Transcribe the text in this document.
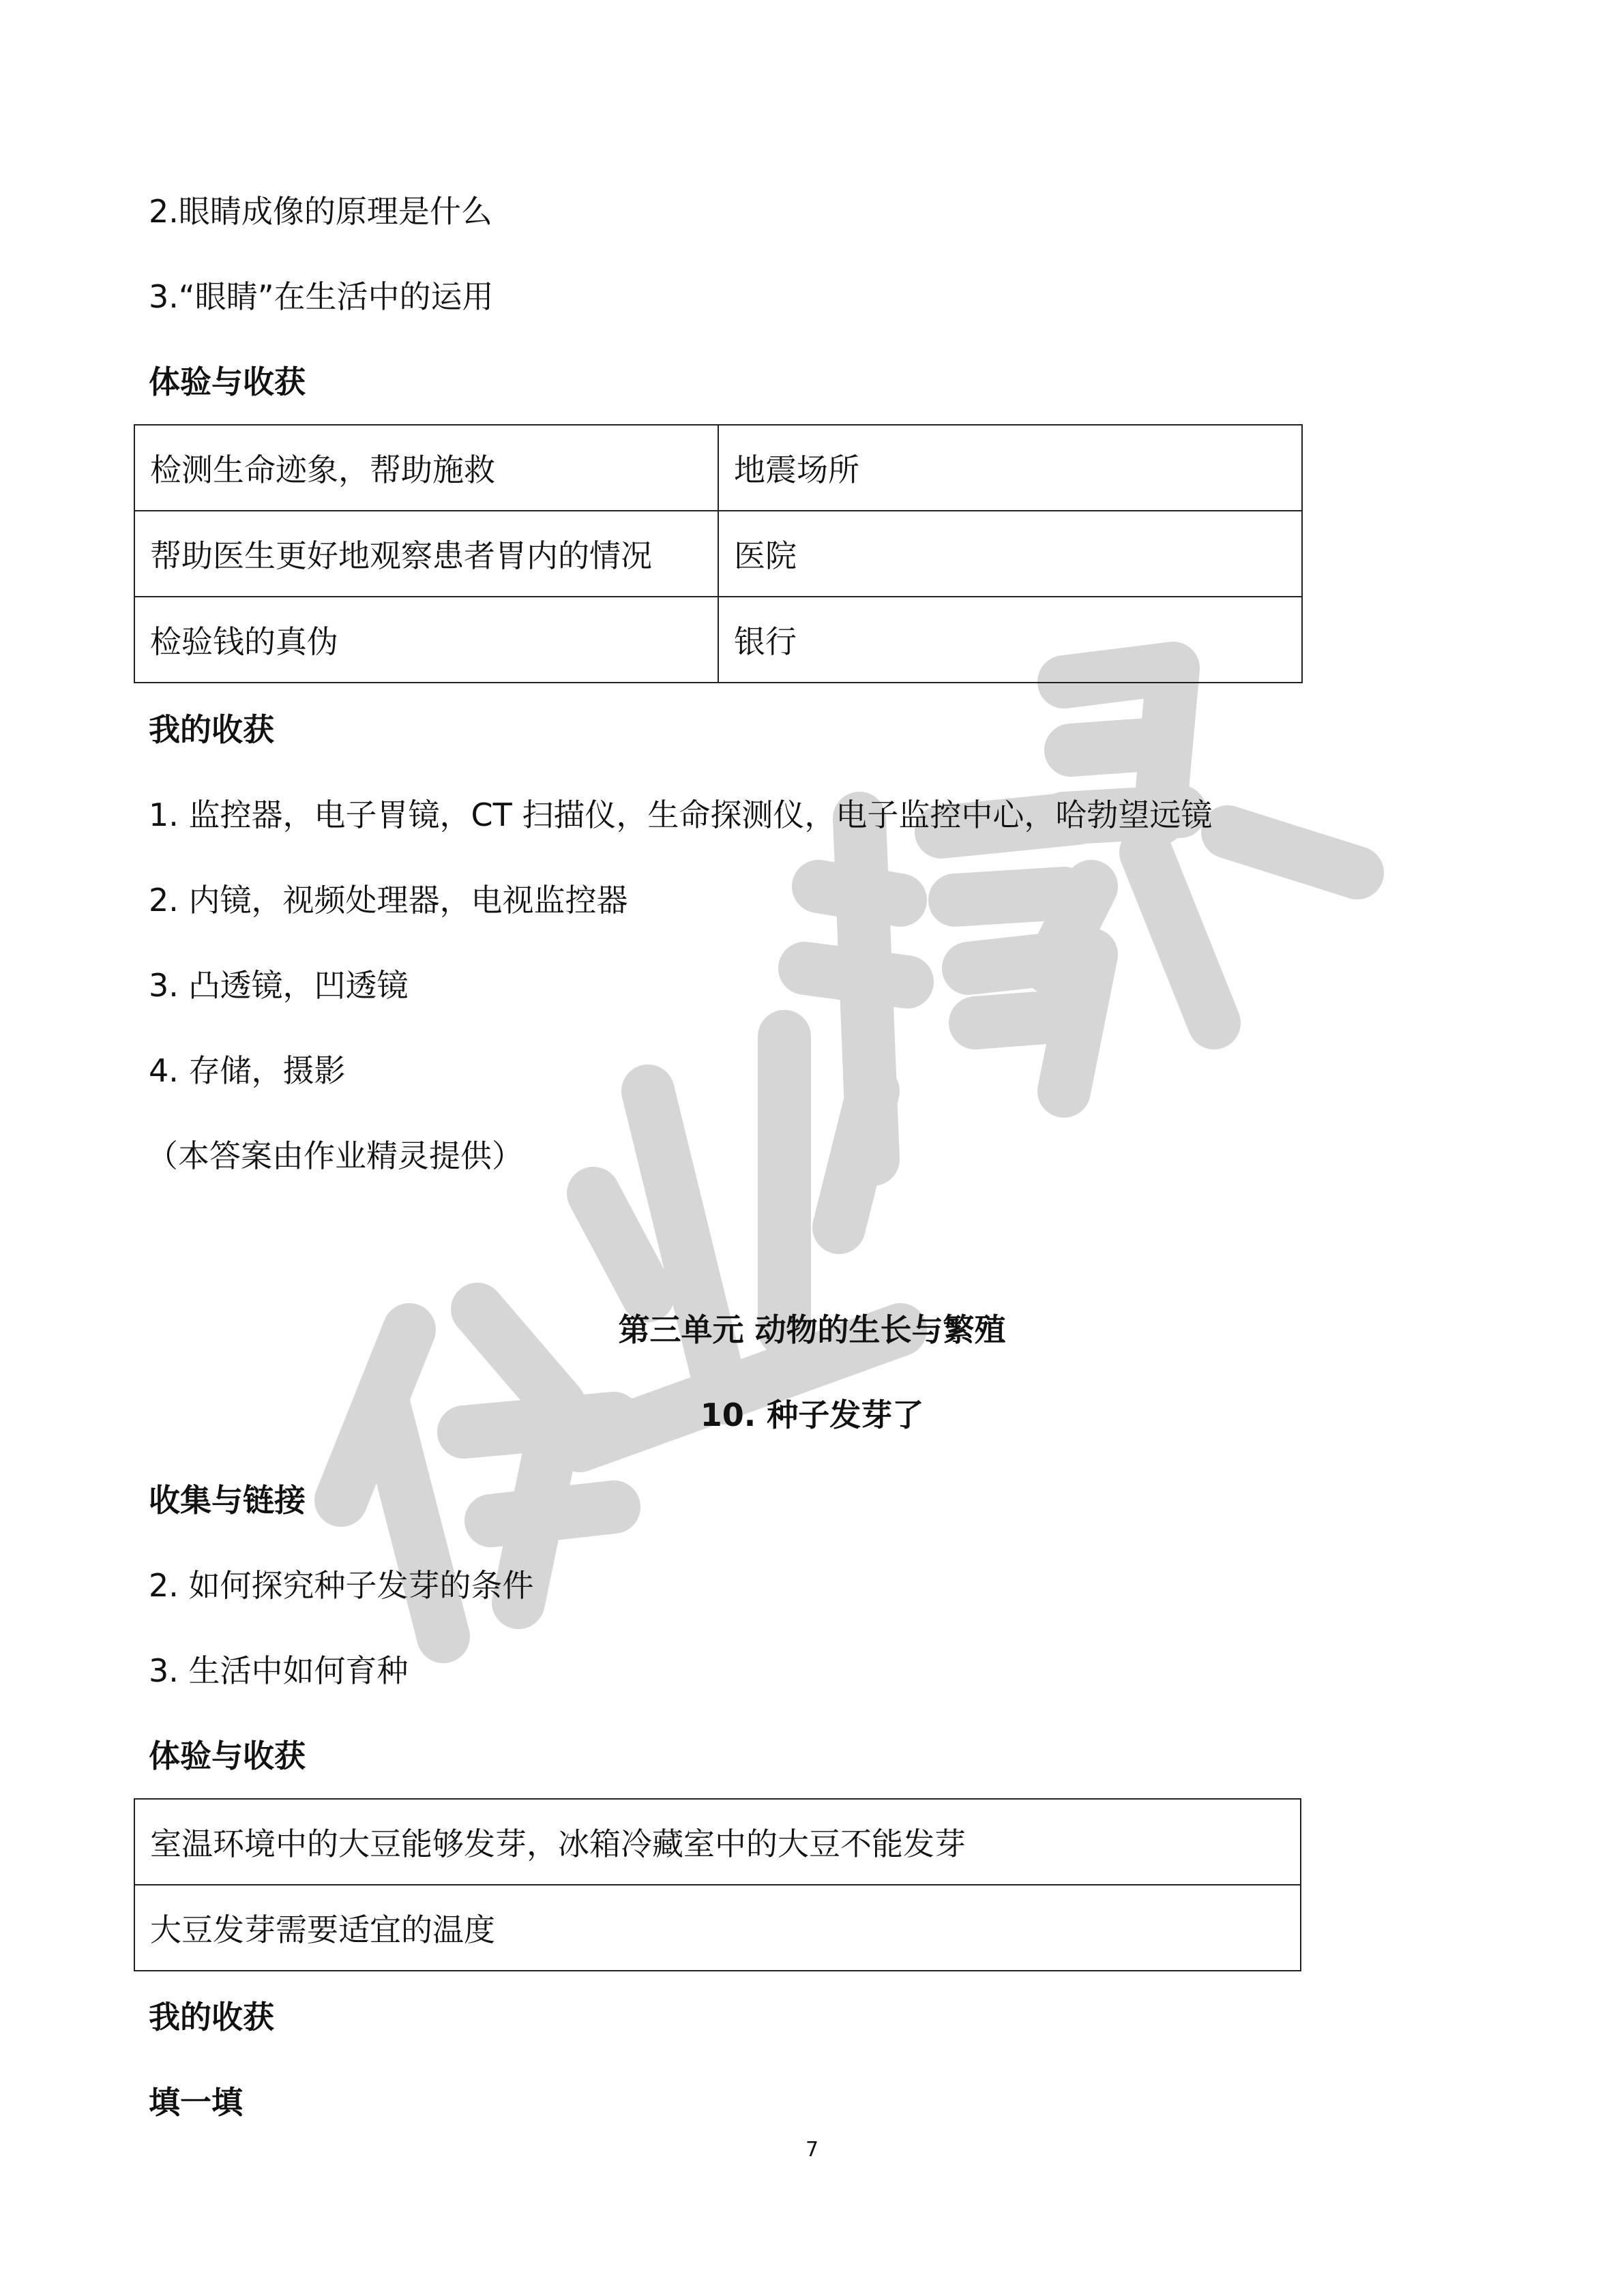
2.眼睛成像的原理是什么
3.“眼睛”在生活中的运用
体验与收获
检测生命迹象，帮助施救	地震场所
帮助医生更好地观察患者胃内的情况	医院
检验钱的真伪	银行
我的收获
1. 监控器，电子胃镜，CT 扫描仪，生命探测仪，电子监控中心，哈勃望远镜
2. 内镜，视频处理器，电视监控器
3. 凸透镜，凹透镜
4. 存储，摄影
（本答案由作业精灵提供）
第三单元 动物的生长与繁殖
10. 种子发芽了
收集与链接
2. 如何探究种子发芽的条件
3. 生活中如何育种
体验与收获
室温环境中的大豆能够发芽，冰箱冷藏室中的大豆不能发芽
大豆发芽需要适宜的温度
我的收获
填一填
7
